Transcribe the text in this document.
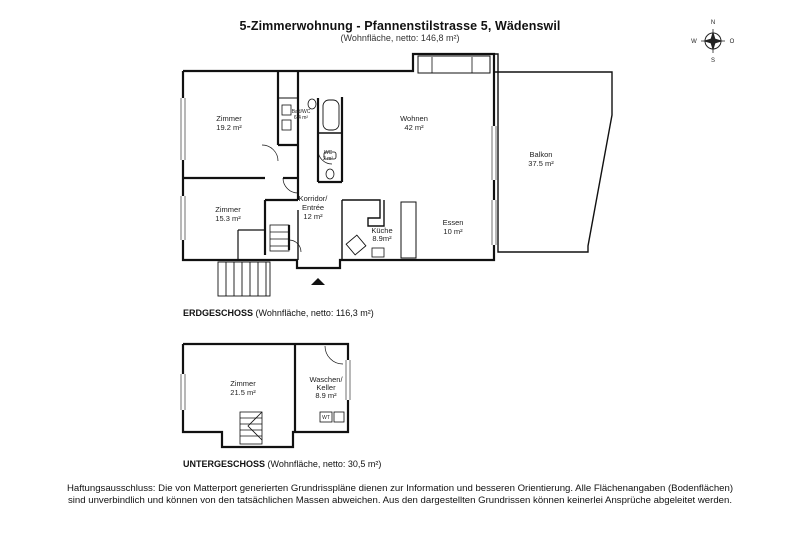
5-Zimmerwohnung - Pfannenstilstrasse 5, Wädenswil
(Wohnfläche, netto: 146,8 m²)
N
S
W	O
Zimmer
19.2 m²
Bad/WC
6.4 m²	Wohnen
42 m²
WC
2 m²	Balkon
37.5 m²
Zimmer
15.3 m²
Korridor/
Entrée
12 m²
Küche
8.9m²
Essen
10 m²
Zimmer
21.5 m²
Waschen/
Keller
8.9 m²
WT
ERDGESCHOSS (Wohnfläche, netto: 116,3 m²)
UNTERGESCHOSS (Wohnfläche, netto: 30,5 m²)
Haftungsausschluss: Die von Matterport generierten Grundrisspläne dienen zur Information und besseren Orientierung. Alle Flächenangaben (Bodenflächen)
sind unverbindlich und können von den tatsächlichen Massen abweichen. Aus den dargestellten Grundrissen können keinerlei Ansprüche abgeleitet werden.
